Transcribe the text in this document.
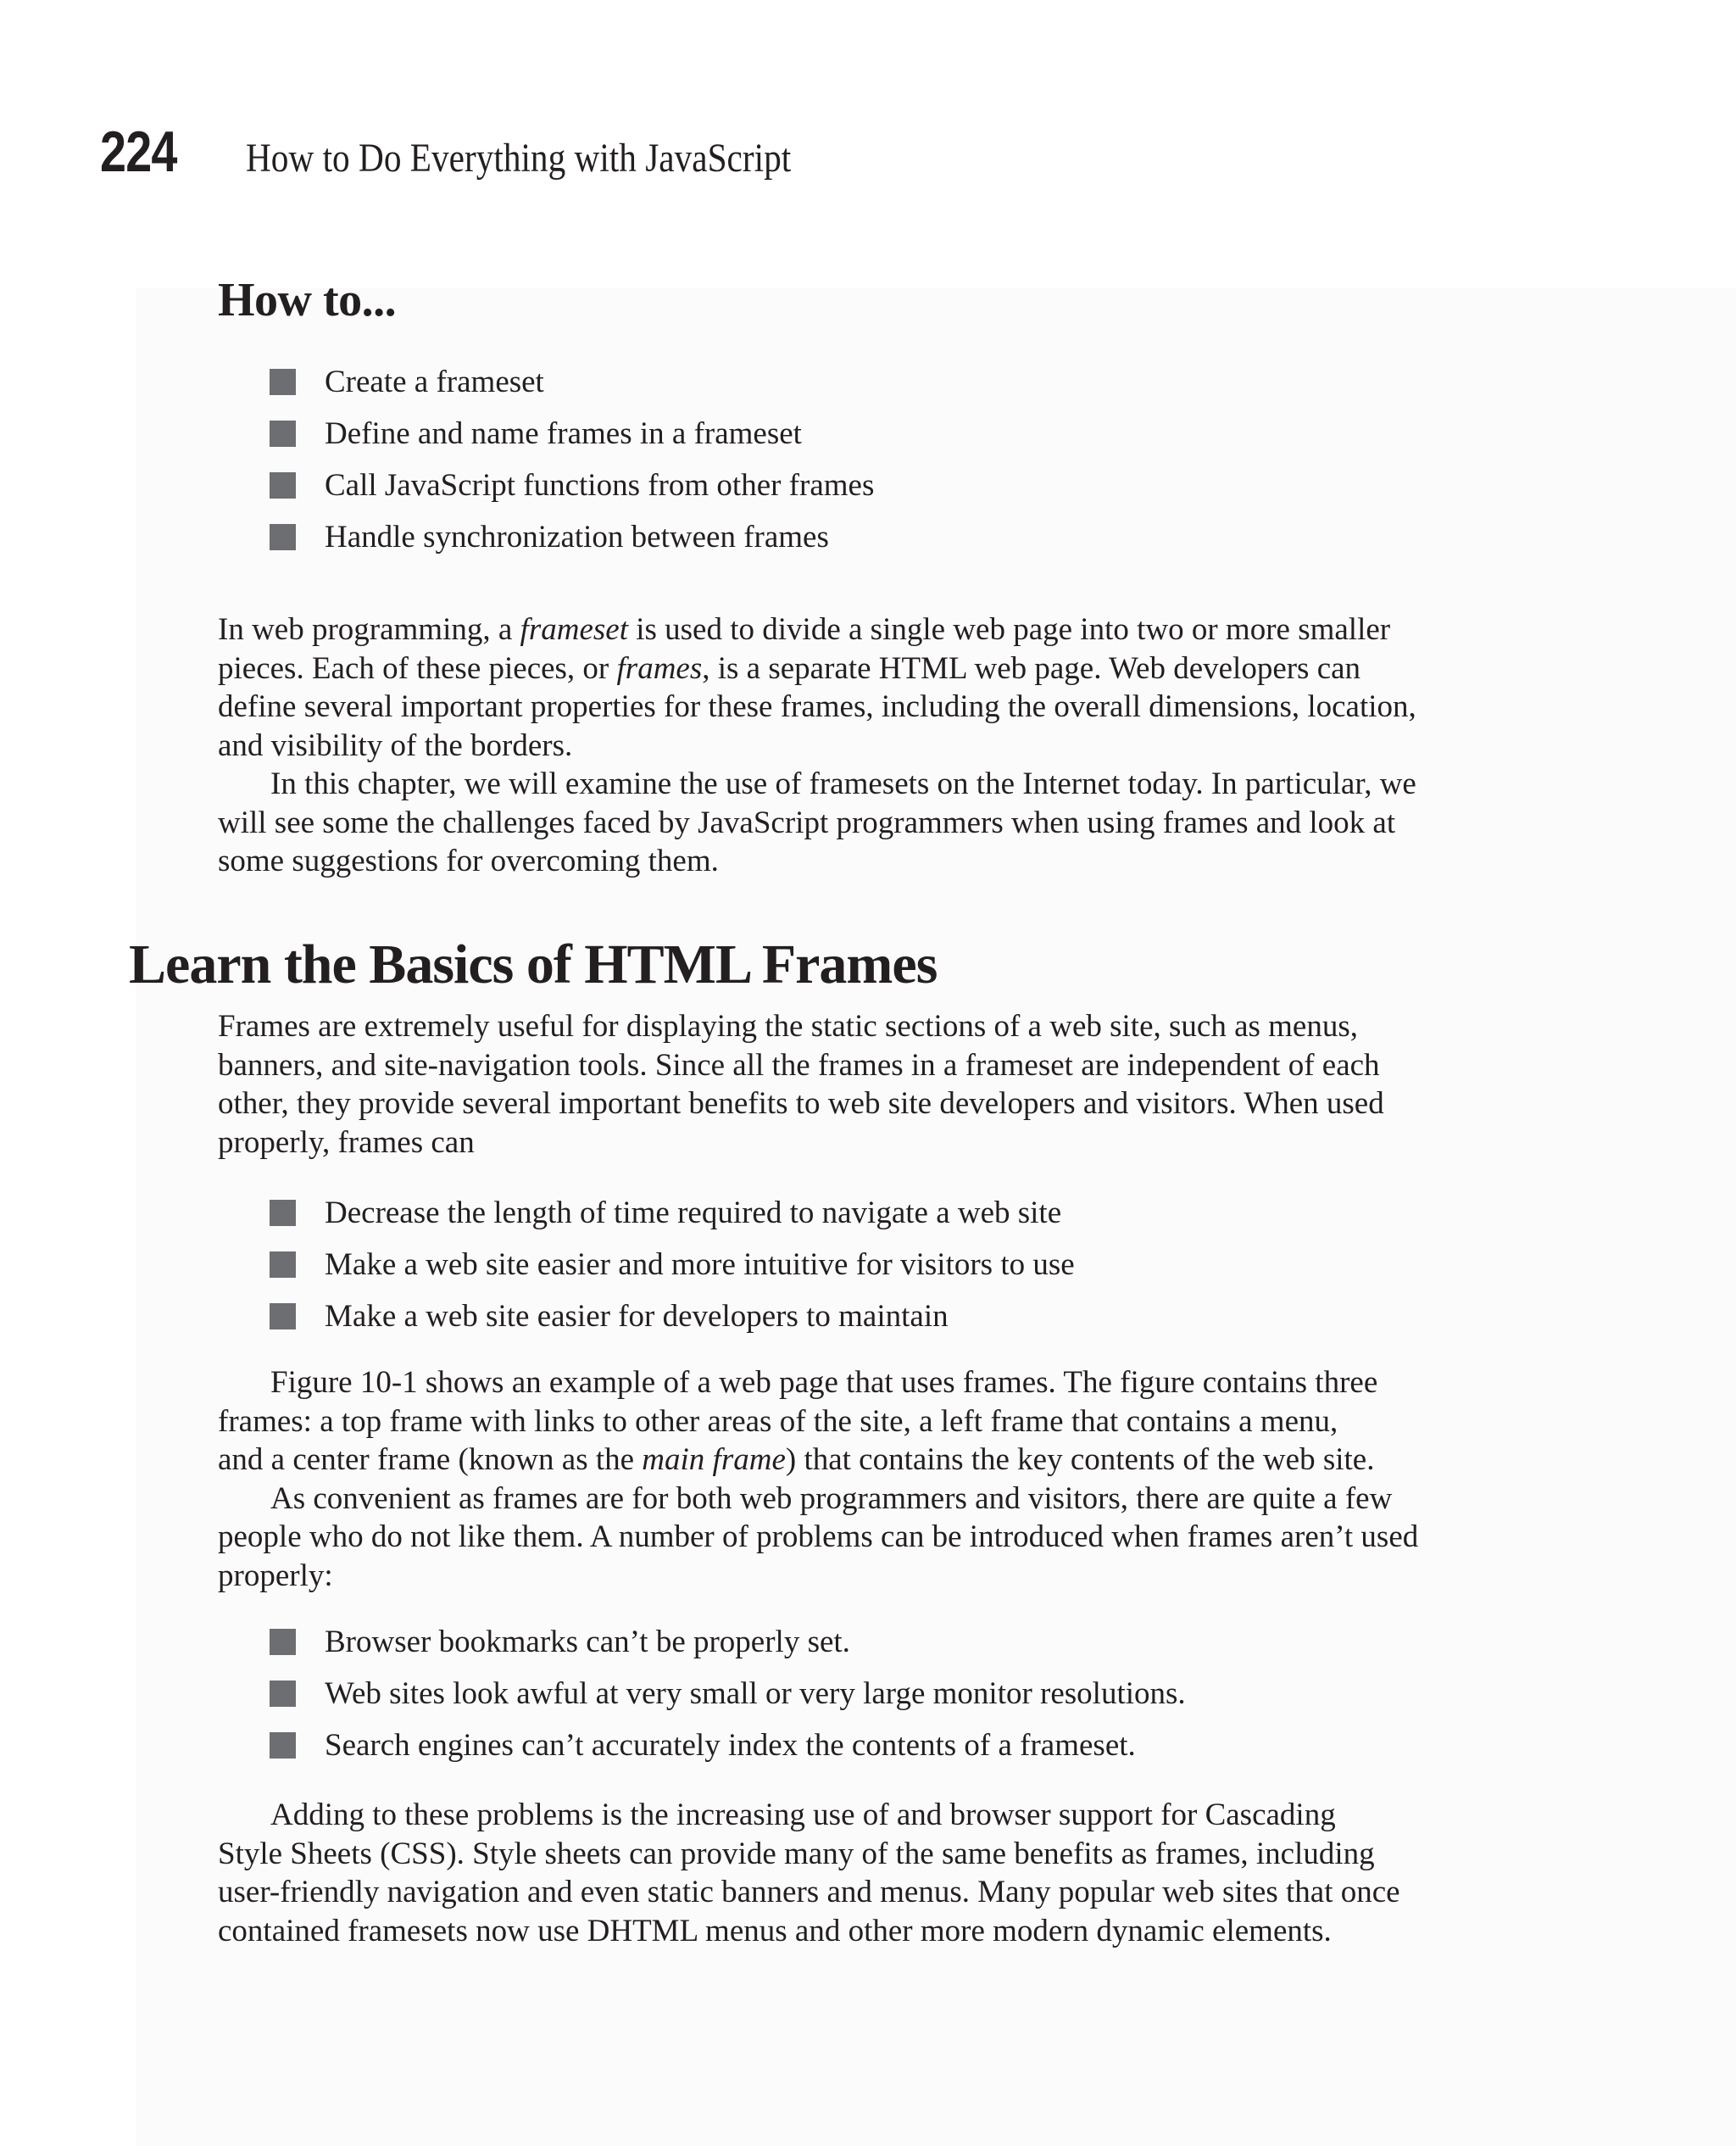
224	How to Do Everything with JavaScript
How to...
Create a frameset
Define and name frames in a frameset
Call JavaScript functions from other frames
Handle synchronization between frames
In web programming, a frameset is used to divide a single web page into two or more smaller
pieces. Each of these pieces, or frames, is a separate HTML web page. Web developers can
define several important properties for these frames, including the overall dimensions, location,
and visibility of the borders.
In this chapter, we will examine the use of framesets on the Internet today. In particular, we
will see some the challenges faced by JavaScript programmers when using frames and look at
some suggestions for overcoming them.
Learn the Basics of HTML Frames
Frames are extremely useful for displaying the static sections of a web site, such as menus,
banners, and site-navigation tools. Since all the frames in a frameset are independent of each
other, they provide several important benefits to web site developers and visitors. When used
properly, frames can
Decrease the length of time required to navigate a web site
Make a web site easier and more intuitive for visitors to use
Make a web site easier for developers to maintain
Figure 10-1 shows an example of a web page that uses frames. The figure contains three
frames: a top frame with links to other areas of the site, a left frame that contains a menu,
and a center frame (known as the main frame) that contains the key contents of the web site.
As convenient as frames are for both web programmers and visitors, there are quite a few
people who do not like them. A number of problems can be introduced when frames aren’t used
properly:
Browser bookmarks can’t be properly set.
Web sites look awful at very small or very large monitor resolutions.
Search engines can’t accurately index the contents of a frameset.
Adding to these problems is the increasing use of and browser support for Cascading
Style Sheets (CSS). Style sheets can provide many of the same benefits as frames, including
user-friendly navigation and even static banners and menus. Many popular web sites that once
contained framesets now use DHTML menus and other more modern dynamic elements.
